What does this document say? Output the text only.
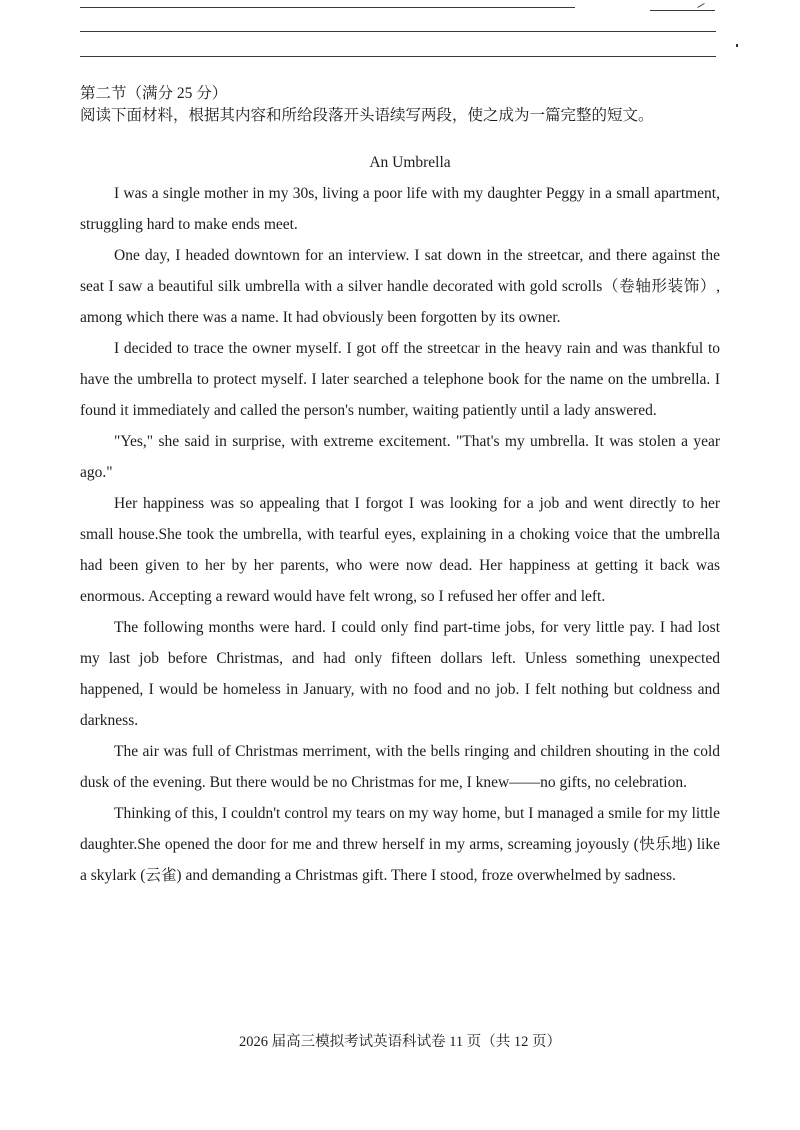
第二节（满分 25 分）
阅读下面材料，根据其内容和所给段落开头语续写两段，使之成为一篇完整的短文。
An Umbrella

I was a single mother in my 30s, living a poor life with my daughter Peggy in a small apartment, struggling hard to make ends meet.

One day, I headed downtown for an interview. I sat down in the streetcar, and there against the seat I saw a beautiful silk umbrella with a silver handle decorated with gold scrolls（卷轴形装饰）, among which there was a name. It had obviously been forgotten by its owner.

I decided to trace the owner myself. I got off the streetcar in the heavy rain and was thankful to have the umbrella to protect myself. I later searched a telephone book for the name on the umbrella. I found it immediately and called the person's number, waiting patiently until a lady answered.

"Yes," she said in surprise, with extreme excitement. "That's my umbrella. It was stolen a year ago."

Her happiness was so appealing that I forgot I was looking for a job and went directly to her small house.She took the umbrella, with tearful eyes, explaining in a choking voice that the umbrella had been given to her by her parents, who were now dead. Her happiness at getting it back was enormous. Accepting a reward would have felt wrong, so I refused her offer and left.

The following months were hard. I could only find part-time jobs, for very little pay. I had lost my last job before Christmas, and had only fifteen dollars left. Unless something unexpected happened, I would be homeless in January, with no food and no job. I felt nothing but coldness and darkness.

The air was full of Christmas merriment, with the bells ringing and children shouting in the cold dusk of the evening. But there would be no Christmas for me, I knew——no gifts, no celebration.

Thinking of this, I couldn't control my tears on my way home, but I managed a smile for my little daughter.She opened the door for me and threw herself in my arms, screaming joyously (快乐地) like a skylark (云雀) and demanding a Christmas gift. There I stood, froze overwhelmed by sadness.

2026 届高三模拟考试英语科试卷 11 页（共 12 页）
